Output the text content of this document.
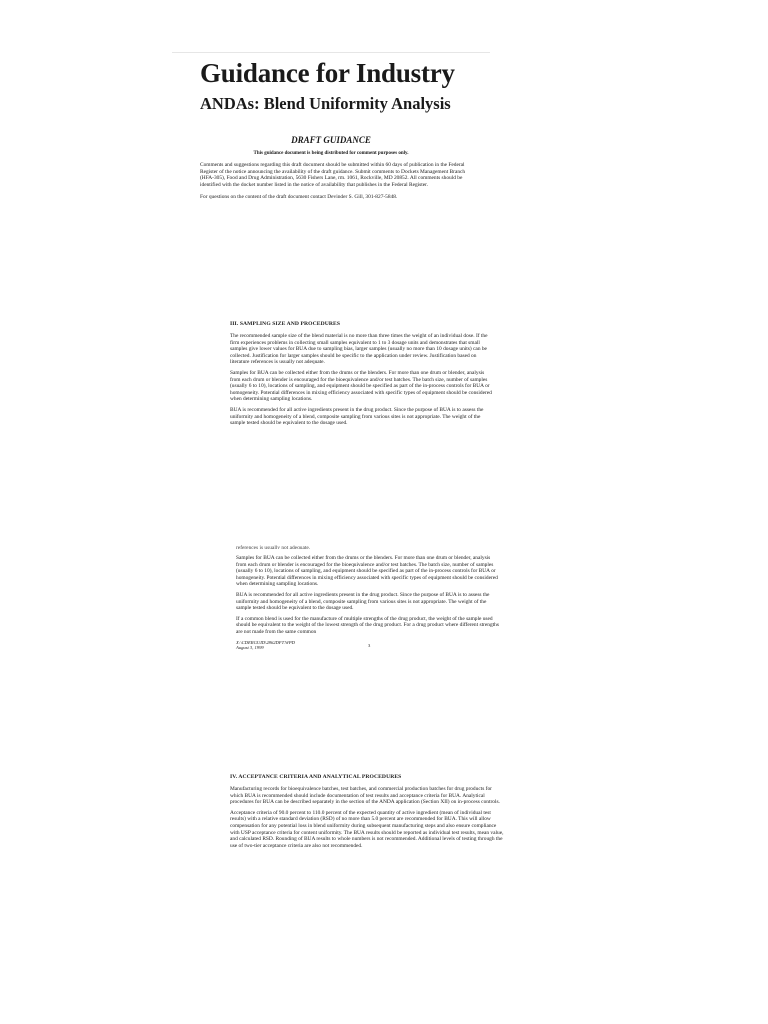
Guidance for Industry
ANDAs: Blend Uniformity Analysis

DRAFT GUIDANCE

This guidance document is being distributed for comment purposes only.

Comments and suggestions regarding this draft document should be submitted within 60 days of publication in the Federal Register of the notice announcing the availability of the draft guidance. Submit comments to Dockets Management Branch (HFA-305), Food and Drug Administration, 5630 Fishers Lane, rm. 1061, Rockville, MD 20852. All comments should be identified with the docket number listed in the notice of availability that publishes in the Federal Register.

For questions on the content of the draft document contact Devinder S. Gill, 301-827-5848.

III. SAMPLING SIZE AND PROCEDURES

The recommended sample size of the blend material is no more than three times the weight of an individual dose. If the firm experiences problems in collecting small samples equivalent to 1 to 3 dosage units and demonstrates that small samples give lower values for BUA due to sampling bias, larger samples (usually no more than 10 dosage units) can be collected. Justification for larger samples should be specific to the application under review. Justification based on literature references is usually not adequate.

Samples for BUA can be collected either from the drums or the blenders. For more than one drum or blender, analysis from each drum or blender is encouraged for the bioequivalence and/or test batches. The batch size, number of samples (usually 6 to 10), locations of sampling, and equipment should be specified as part of the in-process controls for BUA or homogeneity. Potential differences in mixing efficiency associated with specific types of equipment should be considered when determining sampling locations.

BUA is recommended for all active ingredients present in the drug product. Since the purpose of BUA is to assess the uniformity and homogeneity of a blend, composite sampling from various sites is not appropriate. The weight of the sample tested should be equivalent to the dosage used.

references is usually not adequate.

Samples for BUA can be collected either from the drums or the blenders. For more than one drum or blender, analysis from each drum or blender is encouraged for the bioequivalence and/or test batches. The batch size, number of samples (usually 6 to 10), locations of sampling, and equipment should be specified as part of the in-process controls for BUA or homogeneity. Potential differences in mixing efficiency associated with specific types of equipment should be considered when determining sampling locations.

BUA is recommended for all active ingredients present in the drug product. Since the purpose of BUA is to assess the uniformity and homogeneity of a blend, composite sampling from various sites is not appropriate. The weight of the sample tested should be equivalent to the dosage used.

If a common blend is used for the manufacture of multiple strengths of the drug product, the weight of the sample used should be equivalent to the weight of the lowest strength of the drug product. For a drug product where different strengths are not made from the same common

X:\CDERGUID\2862DFT.WPD
August 3, 1999
3

IV. ACCEPTANCE CRITERIA AND ANALYTICAL PROCEDURES

Manufacturing records for bioequivalence batches, test batches, and commercial production batches for drug products for which BUA is recommended should include documentation of test results and acceptance criteria for BUA. Analytical procedures for BUA can be described separately in the section of the ANDA application (Section XII) on in-process controls.

Acceptance criteria of 90.0 percent to 110.0 percent of the expected quantity of active ingredient (mean of individual test results) with a relative standard deviation (RSD) of no more than 5.0 percent are recommended for BUA. This will allow compensation for any potential loss in blend uniformity during subsequent manufacturing steps and also ensure compliance with USP acceptance criteria for content uniformity. The BUA results should be reported as individual test results, mean value, and calculated RSD. Rounding of BUA results to whole numbers is not recommended. Additional levels of testing through the use of two-tier acceptance criteria are also not recommended.
